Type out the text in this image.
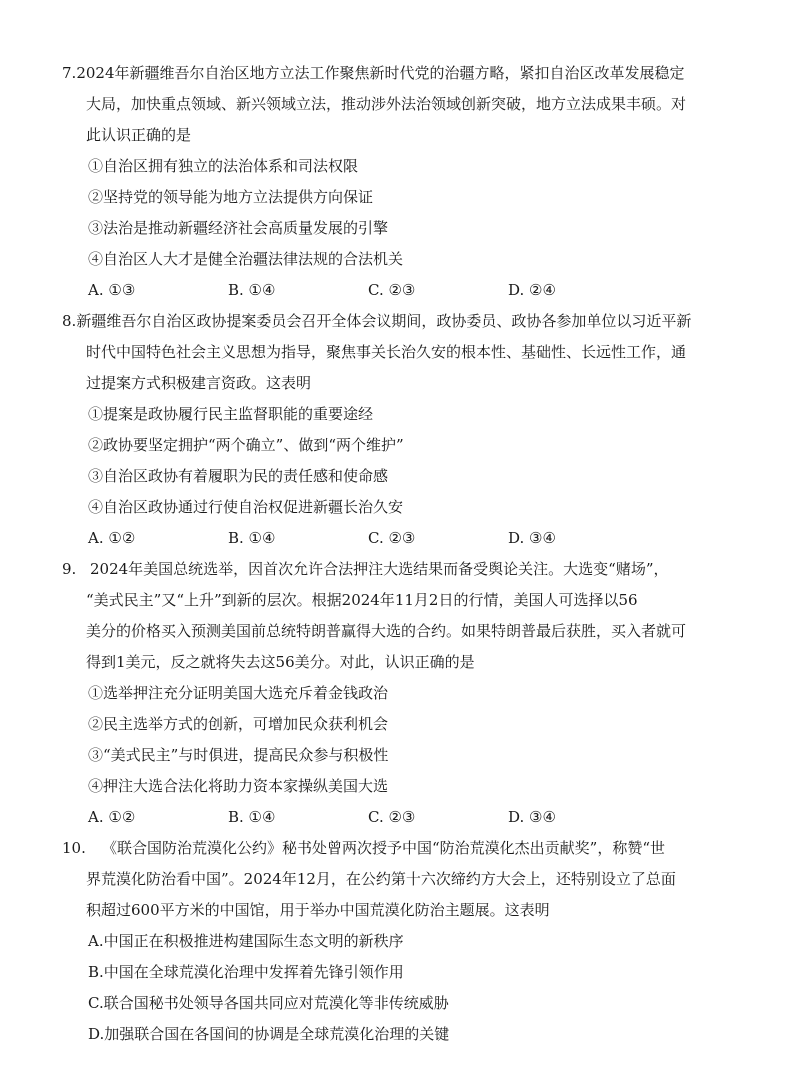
7.2024年新疆维吾尔自治区地方立法工作聚焦新时代党的治疆方略，紧扣自治区改革发展稳定
大局，加快重点领域、新兴领域立法，推动涉外法治领域创新突破，地方立法成果丰硕。对
此认识正确的是
①自治区拥有独立的法治体系和司法权限
②坚持党的领导能为地方立法提供方向保证
③法治是推动新疆经济社会高质量发展的引擎
④自治区人大才是健全治疆法律法规的合法机关
A. ①③	B. ①④	C. ②③	D. ②④
8.新疆维吾尔自治区政协提案委员会召开全体会议期间，政协委员、政协各参加单位以习近平新
时代中国特色社会主义思想为指导，聚焦事关长治久安的根本性、基础性、长远性工作，通
过提案方式积极建言资政。这表明
①提案是政协履行民主监督职能的重要途经
②政协要坚定拥护“两个确立”、做到“两个维护”
③自治区政协有着履职为民的责任感和使命感
④自治区政协通过行使自治权促进新疆长治久安
A. ①②	B. ①④	C. ②③	D. ③④
9. 2024年美国总统选举，因首次允许合法押注大选结果而备受舆论关注。大选变“赌场”，
“美式民主”又“上升”到新的层次。根据2024年11月2日的行情，美国人可选择以56
美分的价格买入预测美国前总统特朗普赢得大选的合约。如果特朗普最后获胜，买入者就可
得到1美元，反之就将失去这56美分。对此，认识正确的是
①选举押注充分证明美国大选充斥着金钱政治
②民主选举方式的创新，可增加民众获利机会
③“美式民主”与时俱进，提高民众参与积极性
④押注大选合法化将助力资本家操纵美国大选
A. ①②	B. ①④	C. ②③	D. ③④
10. 《联合国防治荒漠化公约》秘书处曾两次授予中国“防治荒漠化杰出贡献奖”，称赞“世
界荒漠化防治看中国”。2024年12月，在公约第十六次缔约方大会上，还特别设立了总面
积超过600平方米的中国馆，用于举办中国荒漠化防治主题展。这表明
A.中国正在积极推进构建国际生态文明的新秩序
B.中国在全球荒漠化治理中发挥着先锋引领作用
C.联合国秘书处领导各国共同应对荒漠化等非传统威胁
D.加强联合国在各国间的协调是全球荒漠化治理的关键
